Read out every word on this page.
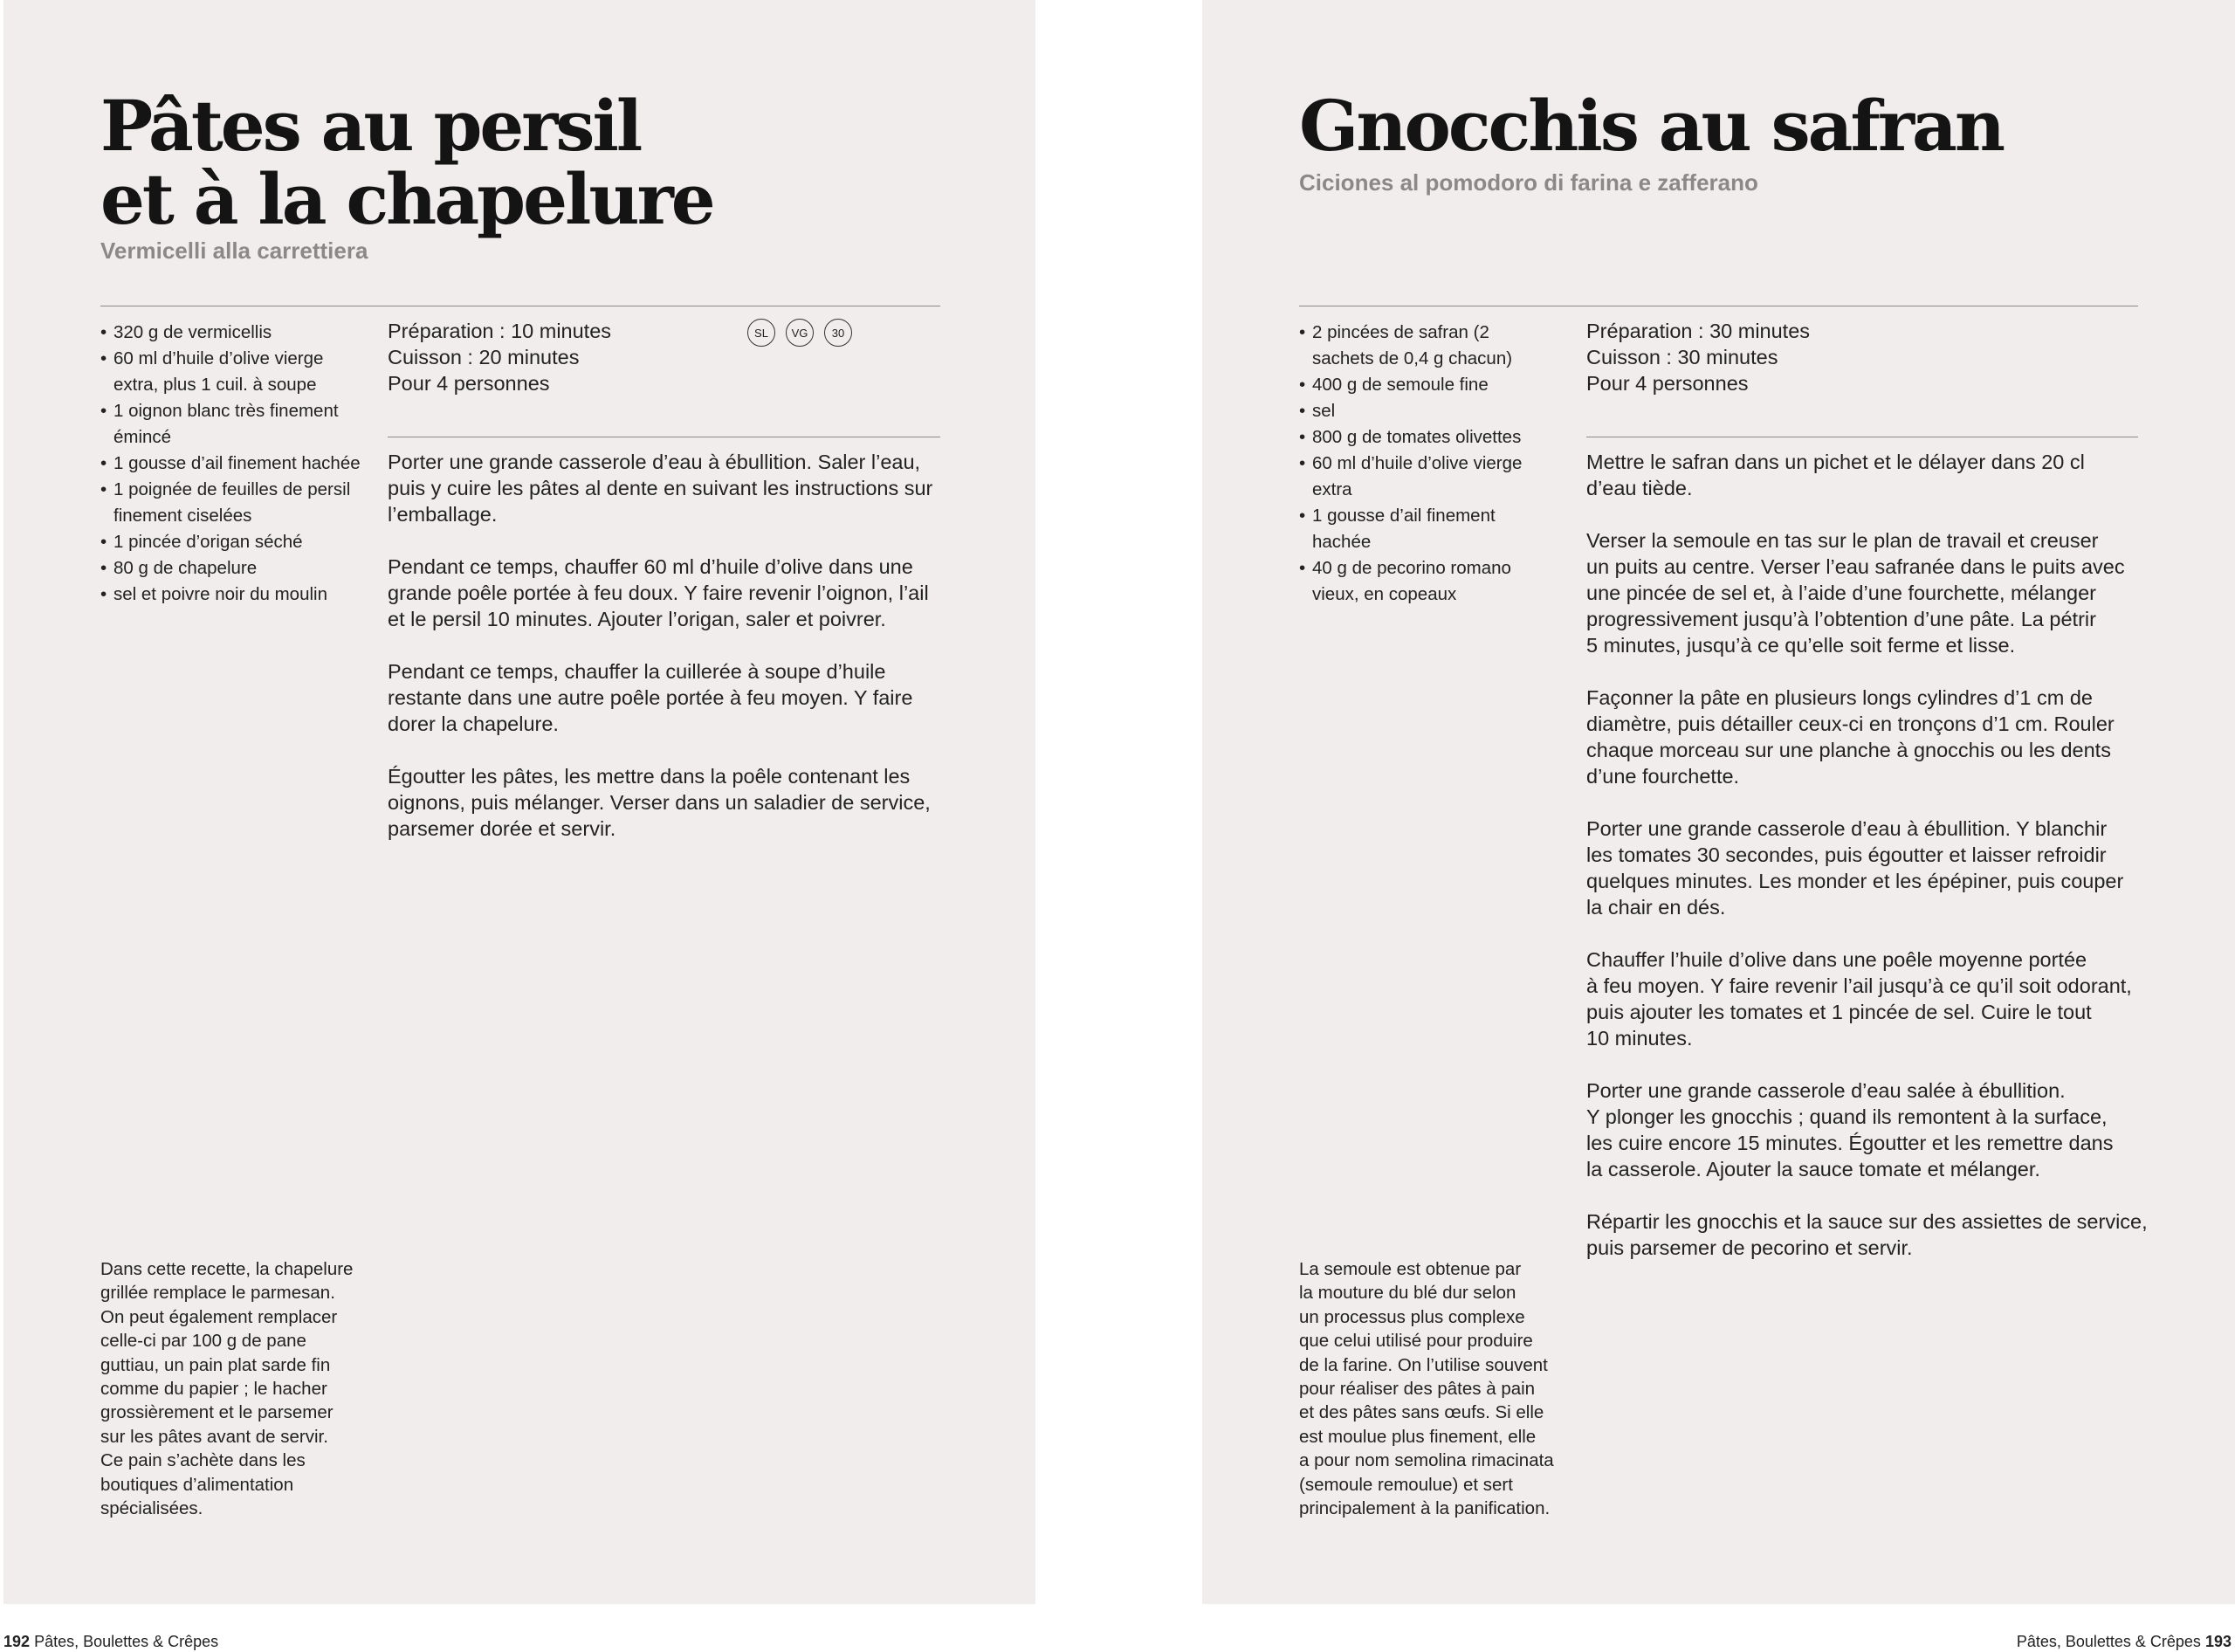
Pâtes au persil
et à la chapelure
Vermicelli alla carrettiera
• 320 g de vermicellis
• 60 ml d’huile d’olive vierge extra, plus 1 cuil. à soupe
• 1 oignon blanc très finement émincé
• 1 gousse d’ail finement hachée
• 1 poignée de feuilles de persil finement ciselées
• 1 pincée d’origan séché
• 80 g de chapelure
• sel et poivre noir du moulin
Préparation : 10 minutes
Cuisson : 20 minutes
Pour 4 personnes
SL	VG	30

Porter une grande casserole d’eau à ébullition. Saler l’eau,
puis y cuire les pâtes al dente en suivant les instructions sur
l’emballage.

Pendant ce temps, chauffer 60 ml d’huile d’olive dans une
grande poêle portée à feu doux. Y faire revenir l’oignon, l’ail
et le persil 10 minutes. Ajouter l’origan, saler et poivrer.

Pendant ce temps, chauffer la cuillerée à soupe d’huile
restante dans une autre poêle portée à feu moyen. Y faire
dorer la chapelure.

Égoutter les pâtes, les mettre dans la poêle contenant les
oignons, puis mélanger. Verser dans un saladier de service,
parsemer dorée et servir.

Dans cette recette, la chapelure
grillée remplace le parmesan.
On peut également remplacer
celle-ci par 100 g de pane
guttiau, un pain plat sarde fin
comme du papier ; le hacher
grossièrement et le parsemer
sur les pâtes avant de servir.
Ce pain s’achète dans les
boutiques d’alimentation
spécialisées.
Gnocchis au safran
Ciciones al pomodoro di farina e zafferano
• 2 pincées de safran (2 sachets de 0,4 g chacun)
• 400 g de semoule fine
• sel
• 800 g de tomates olivettes
• 60 ml d’huile d’olive vierge extra
• 1 gousse d’ail finement hachée
• 40 g de pecorino romano vieux, en copeaux
Préparation : 30 minutes
Cuisson : 30 minutes
Pour 4 personnes

Mettre le safran dans un pichet et le délayer dans 20 cl
d’eau tiède.

Verser la semoule en tas sur le plan de travail et creuser
un puits au centre. Verser l’eau safranée dans le puits avec
une pincée de sel et, à l’aide d’une fourchette, mélanger
progressivement jusqu’à l’obtention d’une pâte. La pétrir
5 minutes, jusqu’à ce qu’elle soit ferme et lisse.

Façonner la pâte en plusieurs longs cylindres d’1 cm de
diamètre, puis détailler ceux-ci en tronçons d’1 cm. Rouler
chaque morceau sur une planche à gnocchis ou les dents
d’une fourchette.

Porter une grande casserole d’eau à ébullition. Y blanchir
les tomates 30 secondes, puis égoutter et laisser refroidir
quelques minutes. Les monder et les épépiner, puis couper
la chair en dés.

Chauffer l’huile d’olive dans une poêle moyenne portée
à feu moyen. Y faire revenir l’ail jusqu’à ce qu’il soit odorant,
puis ajouter les tomates et 1 pincée de sel. Cuire le tout
10 minutes.

Porter une grande casserole d’eau salée à ébullition.
Y plonger les gnocchis ; quand ils remontent à la surface,
les cuire encore 15 minutes. Égoutter et les remettre dans
la casserole. Ajouter la sauce tomate et mélanger.

Répartir les gnocchis et la sauce sur des assiettes de service,
puis parsemer de pecorino et servir.

La semoule est obtenue par
la mouture du blé dur selon
un processus plus complexe
que celui utilisé pour produire
de la farine. On l’utilise souvent
pour réaliser des pâtes à pain
et des pâtes sans œufs. Si elle
est moulue plus finement, elle
a pour nom semolina rimacinata
(semoule remoulue) et sert
principalement à la panification.
192 Pâtes, Boulettes & Crêpes	Pâtes, Boulettes & Crêpes 193
